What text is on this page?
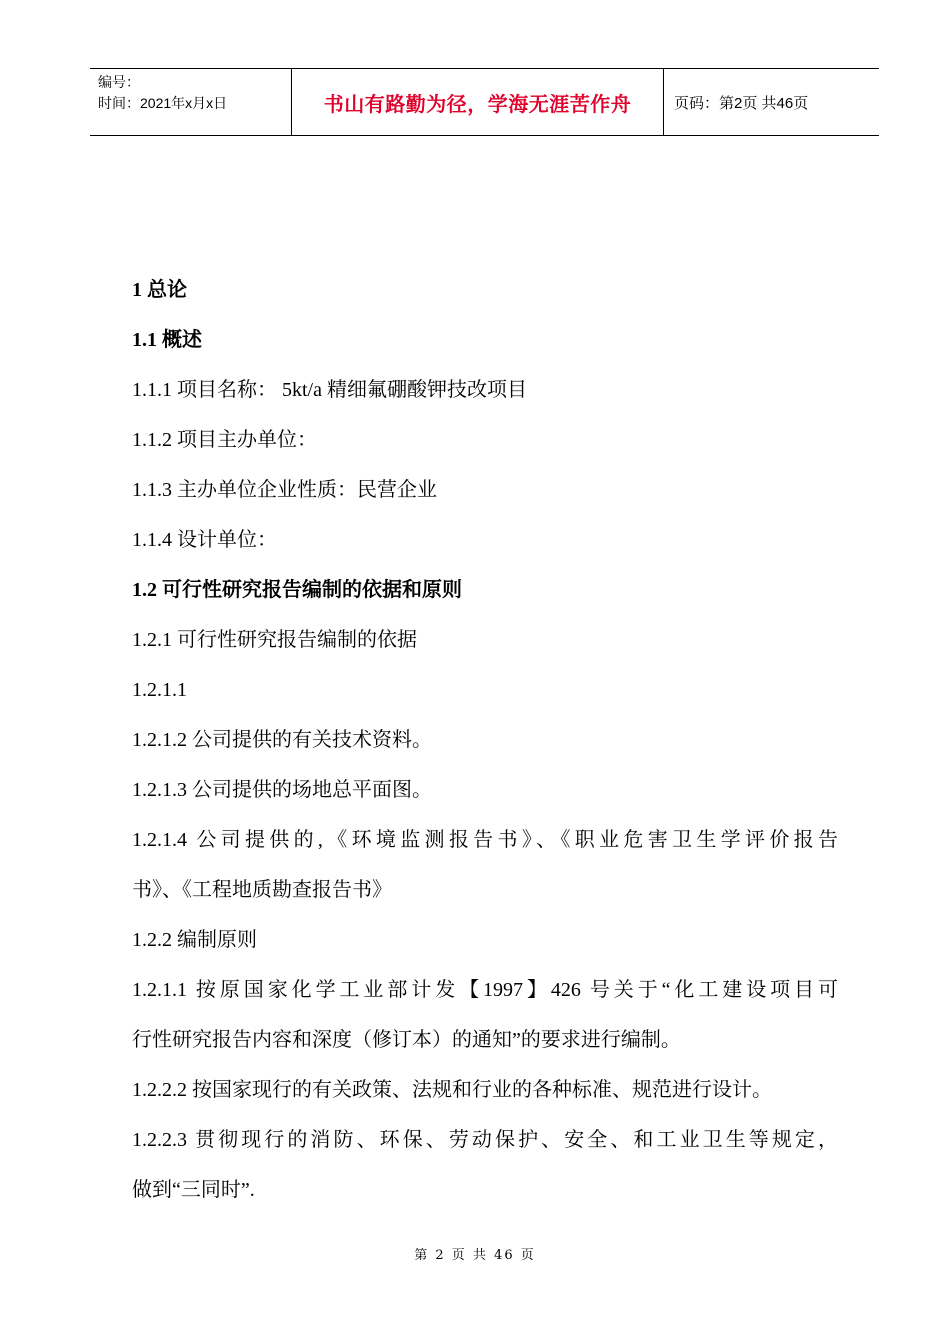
编号：
时间：2021年x月x日	书山有路勤为径，学海无涯苦作舟	页码：第2页 共46页
1 总论
1.1 概述
1.1.1 项目名称： 5kt/a 精细氟硼酸钾技改项目
1.1.2 项目主办单位：
1.1.3 主办单位企业性质：民营企业
1.1.4 设计单位：
1.2 可行性研究报告编制的依据和原则
1.2.1 可行性研究报告编制的依据
1.2.1.1
1.2.1.2 公司提供的有关技术资料。
1.2.1.3 公司提供的场地总平面图。
1.2.1.4 公司提供的,《环境监测报告书》、《职业危害卫生学评价报告
书》、《工程地质勘查报告书》
1.2.2 编制原则
1.2.1.1 按原国家化学工业部计发【1997】426 号关于“化工建设项目可
行性研究报告内容和深度（修订本）的通知”的要求进行编制。
1.2.2.2 按国家现行的有关政策、法规和行业的各种标准、规范进行设计。
1.2.2.3 贯彻现行的消防、环保、劳动保护、安全、和工业卫生等规定，
做到“三同时”.
第 2 页 共 46 页
